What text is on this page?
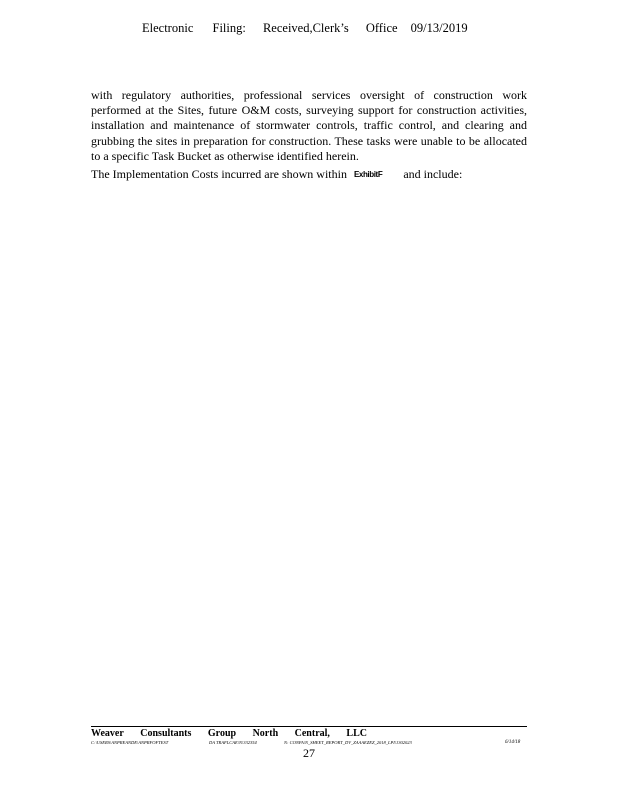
Electronic Filing: Received,Clerk’s Office 09/13/2019
with regulatory authorities, professional services oversight of construction work performed at the Sites, future O&M costs, surveying support for construction activities, installation and maintenance of stormwater controls, traffic control, and clearing and grubbing the sites in preparation for construction. These tasks were unable to be allocated to a specific Task Bucket as otherwise identified herein.
The Implementation Costs incurred are shown within ExhibitF and include:
Weaver Consultants Group North Central, LLC
C:\USERS\ANPREANDE\ANPRFOFTEST	DA TRAFLCAE\N\332354	N: CONFA\N_SHEET_REPORT_DV_ZAAAEZEZ_2018_LPI\1302023	6/14/18
27
